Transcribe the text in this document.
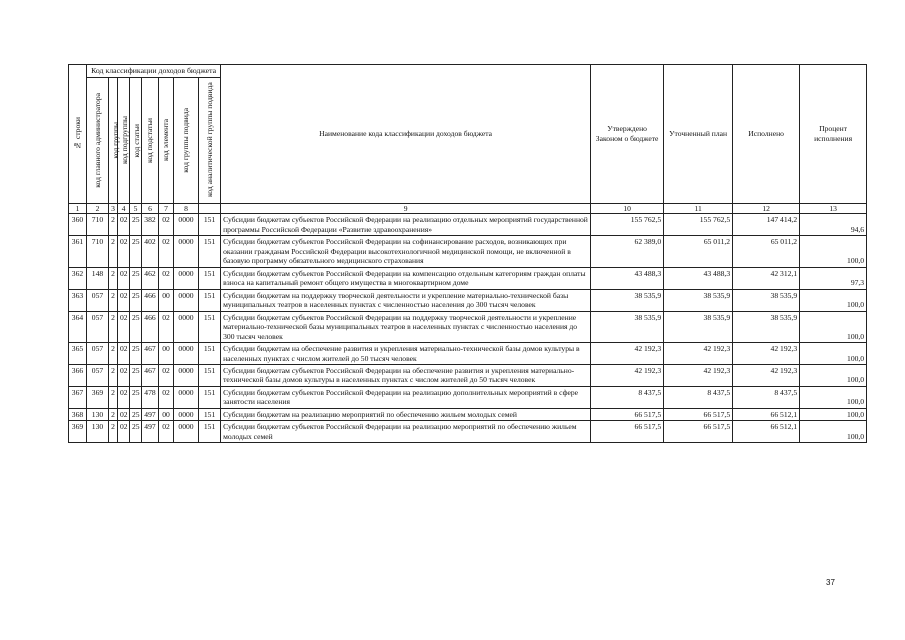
№ строки	Код классификации доходов бюджета								Наименование кода классификации доходов бюджета	Утверждено Законом о бюджете	Уточненный план	Исполнено	Процент исполнения

	код главного администратора	код группы	код подгруппы	код статьи	код подстатьи	код элемента	код группы подвида	код аналитической группы подвида					

1	2	3	4	5	6	7	8		9	10	11	12	13
360	710	2	02	25	382	02	0000	151	Субсидии бюджетам субъектов Российской Федерации на реализацию отдельных мероприятий государственной программы Российской Федерации «Развитие здравоохранения»	155 762,5	155 762,5	147 414,2	94,6
361	710	2	02	25	402	02	0000	151	Субсидии бюджетам субъектов Российской Федерации на софинансирование расходов, возникающих при оказании гражданам Российской Федерации высокотехнологичной медицинской помощи, не включенной в базовую программу обязательного медицинского страхования	62 389,0	65 011,2	65 011,2	100,0
362	148	2	02	25	462	02	0000	151	Субсидии бюджетам субъектов Российской Федерации на компенсацию отдельным категориям граждан оплаты взноса на капитальный ремонт общего имущества в многоквартирном доме	43 488,3	43 488,3	42 312,1	97,3
363	057	2	02	25	466	00	0000	151	Субсидии бюджетам на поддержку творческой деятельности и укрепление материально-технической базы муниципальных театров в населенных пунктах с численностью населения до 300 тысяч человек	38 535,9	38 535,9	38 535,9	100,0
364	057	2	02	25	466	02	0000	151	Субсидии бюджетам субъектов Российской Федерации на поддержку творческой деятельности и укрепление материально-технической базы муниципальных театров в населенных пунктах с численностью населения до 300 тысяч человек	38 535,9	38 535,9	38 535,9	100,0
365	057	2	02	25	467	00	0000	151	Субсидии бюджетам на обеспечение развития и укрепления материально-технической базы домов культуры в населенных пунктах с числом жителей до 50 тысяч человек	42 192,3	42 192,3	42 192,3	100,0
366	057	2	02	25	467	02	0000	151	Субсидии бюджетам субъектов Российской Федерации на обеспечение развития и укрепления материально-технической базы домов культуры в населенных пунктах с числом жителей до 50 тысяч человек	42 192,3	42 192,3	42 192,3	100,0
367	369	2	02	25	478	02	0000	151	Субсидии бюджетам субъектов Российской Федерации на реализацию дополнительных мероприятий в сфере занятости населения	8 437,5	8 437,5	8 437,5	100,0
368	130	2	02	25	497	00	0000	151	Субсидии бюджетам на реализацию мероприятий по обеспечению жильем молодых семей	66 517,5	66 517,5	66 512,1	100,0
369	130	2	02	25	497	02	0000	151	Субсидии бюджетам субъектов Российской Федерации на реализацию мероприятий по обеспечению жильем молодых семей	66 517,5	66 517,5	66 512,1	100,0
37
